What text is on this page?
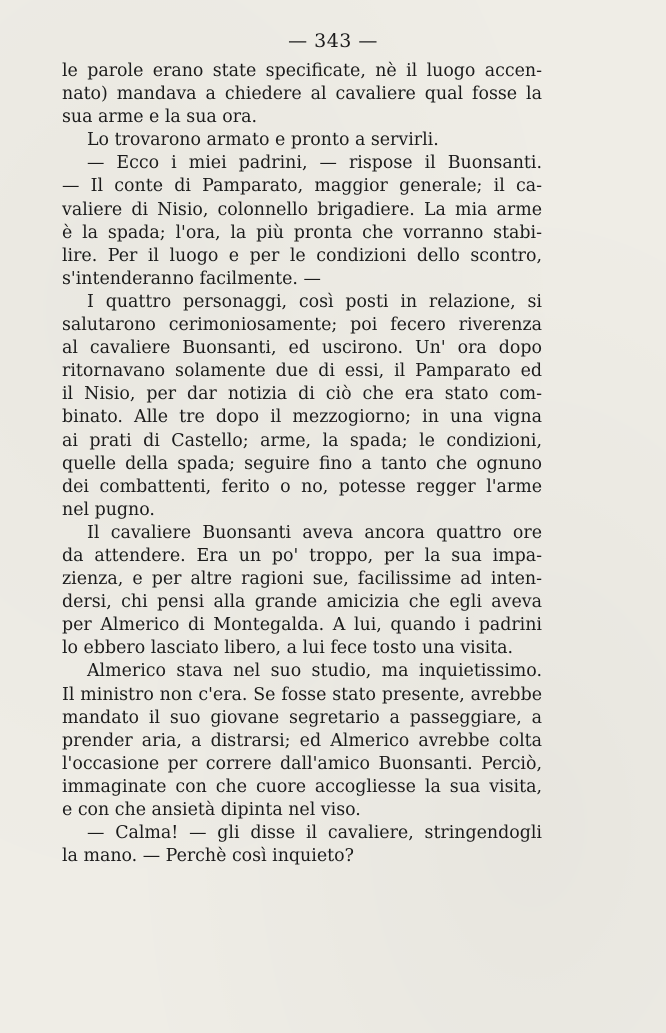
— 343 —
le parole erano state specificate, nè il luogo accen-
nato) mandava a chiedere al cavaliere qual fosse la
sua arme e la sua ora.
Lo trovarono armato e pronto a servirli.
— Ecco i miei padrini, — rispose il Buonsanti.
— Il conte di Pamparato, maggior generale; il ca-
valiere di Nisio, colonnello brigadiere. La mia arme
è la spada; l'ora, la più pronta che vorranno stabi-
lire. Per il luogo e per le condizioni dello scontro,
s'intenderanno facilmente. —
I quattro personaggi, così posti in relazione, si
salutarono cerimoniosamente; poi fecero riverenza
al cavaliere Buonsanti, ed uscirono. Un' ora dopo
ritornavano solamente due di essi, il Pamparato ed
il Nisio, per dar notizia di ciò che era stato com-
binato. Alle tre dopo il mezzogiorno; in una vigna
ai prati di Castello; arme, la spada; le condizioni,
quelle della spada; seguire fino a tanto che ognuno
dei combattenti, ferito o no, potesse regger l'arme
nel pugno.
Il cavaliere Buonsanti aveva ancora quattro ore
da attendere. Era un po' troppo, per la sua impa-
zienza, e per altre ragioni sue, facilissime ad inten-
dersi, chi pensi alla grande amicizia che egli aveva
per Almerico di Montegalda. A lui, quando i padrini
lo ebbero lasciato libero, a lui fece tosto una visita.
Almerico stava nel suo studio, ma inquietissimo.
Il ministro non c'era. Se fosse stato presente, avrebbe
mandato il suo giovane segretario a passeggiare, a
prender aria, a distrarsi; ed Almerico avrebbe colta
l'occasione per correre dall'amico Buonsanti. Perciò,
immaginate con che cuore accogliesse la sua visita,
e con che ansietà dipinta nel viso.
— Calma! — gli disse il cavaliere, stringendogli
la mano. — Perchè così inquieto?
